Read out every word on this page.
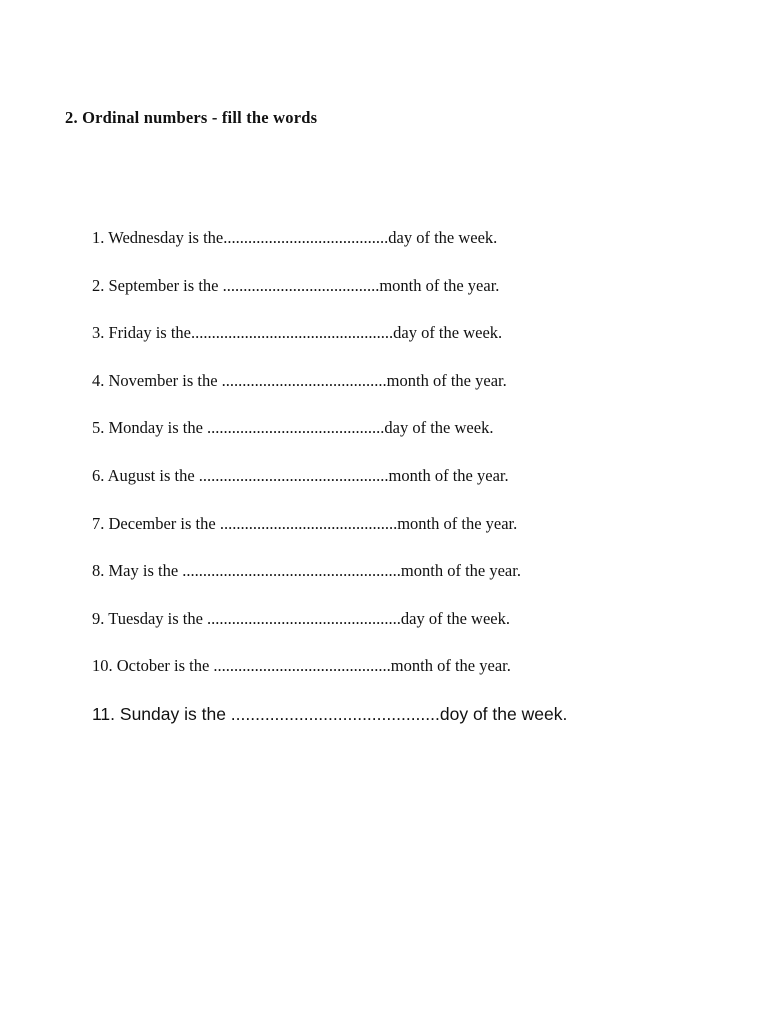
2. Ordinal numbers - fill the words
1. Wednesday is the........................................day of the week.
2. September is the ......................................month of the year.
3. Friday is the.................................................day of the week.
4. November is the ........................................month of the year.
5. Monday is the ...........................................day of the week.
6. August is the ..............................................month of the year.
7. December is the ...........................................month of the year.
8. May is the .....................................................month of the year.
9. Tuesday is the ...............................................day of the week.
10. October is the ...........................................month of the year.
11. Sunday is the ...........................................doy of the week.
